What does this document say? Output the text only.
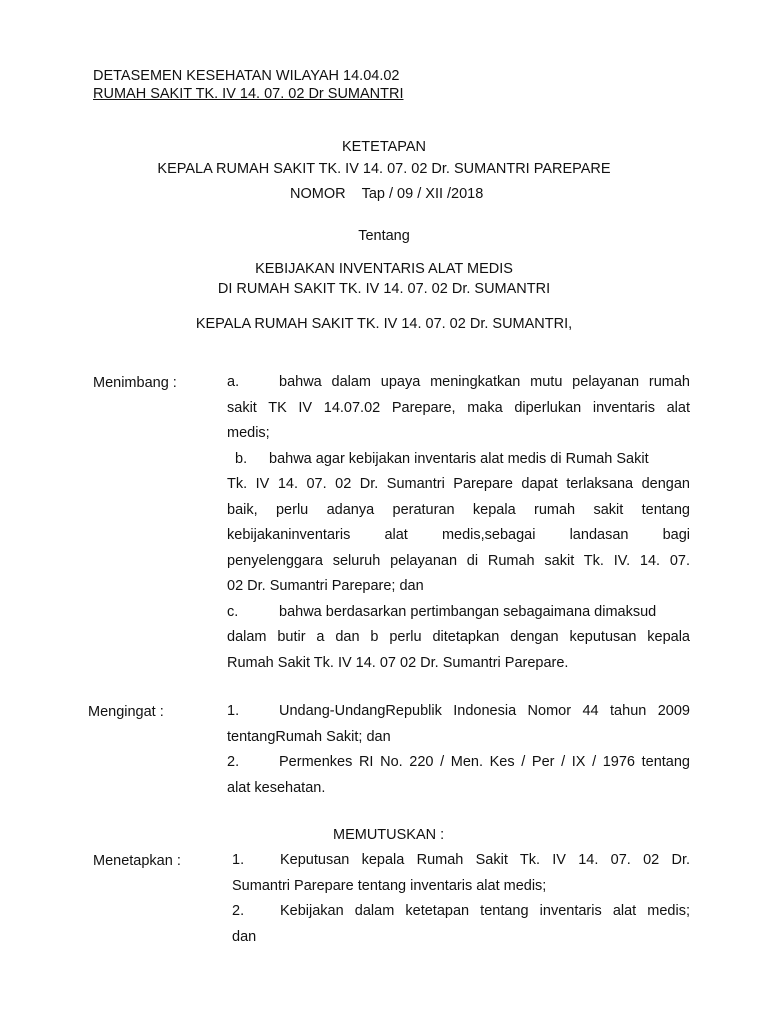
DETASEMEN KESEHATAN WILAYAH 14.04.02
RUMAH SAKIT TK. IV 14. 07. 02 Dr SUMANTRI
KETETAPAN
KEPALA RUMAH SAKIT TK. IV 14. 07. 02 Dr. SUMANTRI PAREPARE
NOMOR Tap / 09 / XII /2018
Tentang
KEBIJAKAN INVENTARIS ALAT MEDIS
DI RUMAH SAKIT TK. IV 14. 07. 02 Dr. SUMANTRI
KEPALA RUMAH SAKIT TK. IV 14. 07. 02 Dr. SUMANTRI,
Menimbang :	a.	bahwa dalam upaya meningkatkan mutu pelayanan rumah
sakit TK IV 14.07.02 Parepare, maka diperlukan inventaris alat
medis;
b. bahwa agar kebijakan inventaris alat medis di Rumah Sakit
Tk. IV 14. 07. 02 Dr. Sumantri Parepare dapat terlaksana dengan
baik, perlu adanya peraturan kepala rumah sakit tentang
kebijakaninventaris alat medis,sebagai landasan bagi
penyelenggara seluruh pelayanan di Rumah sakit Tk. IV. 14. 07.
02 Dr. Sumantri Parepare; dan
c.	bahwa berdasarkan pertimbangan sebagaimana dimaksud
dalam butir a dan b perlu ditetapkan dengan keputusan kepala
Rumah Sakit Tk. IV 14. 07 02 Dr. Sumantri Parepare.
Mengingat :	1.	Undang-UndangRepublik Indonesia Nomor 44 tahun 2009
tentangRumah Sakit; dan
2.	Permenkes RI No. 220 / Men. Kes / Per / IX / 1976 tentang
alat kesehatan.
MEMUTUSKAN :
Menetapkan :	1. Keputusan kepala Rumah Sakit Tk. IV 14. 07. 02 Dr.
Sumantri Parepare tentang inventaris alat medis;
2. Kebijakan dalam ketetapan tentang inventaris alat medis;
dan
